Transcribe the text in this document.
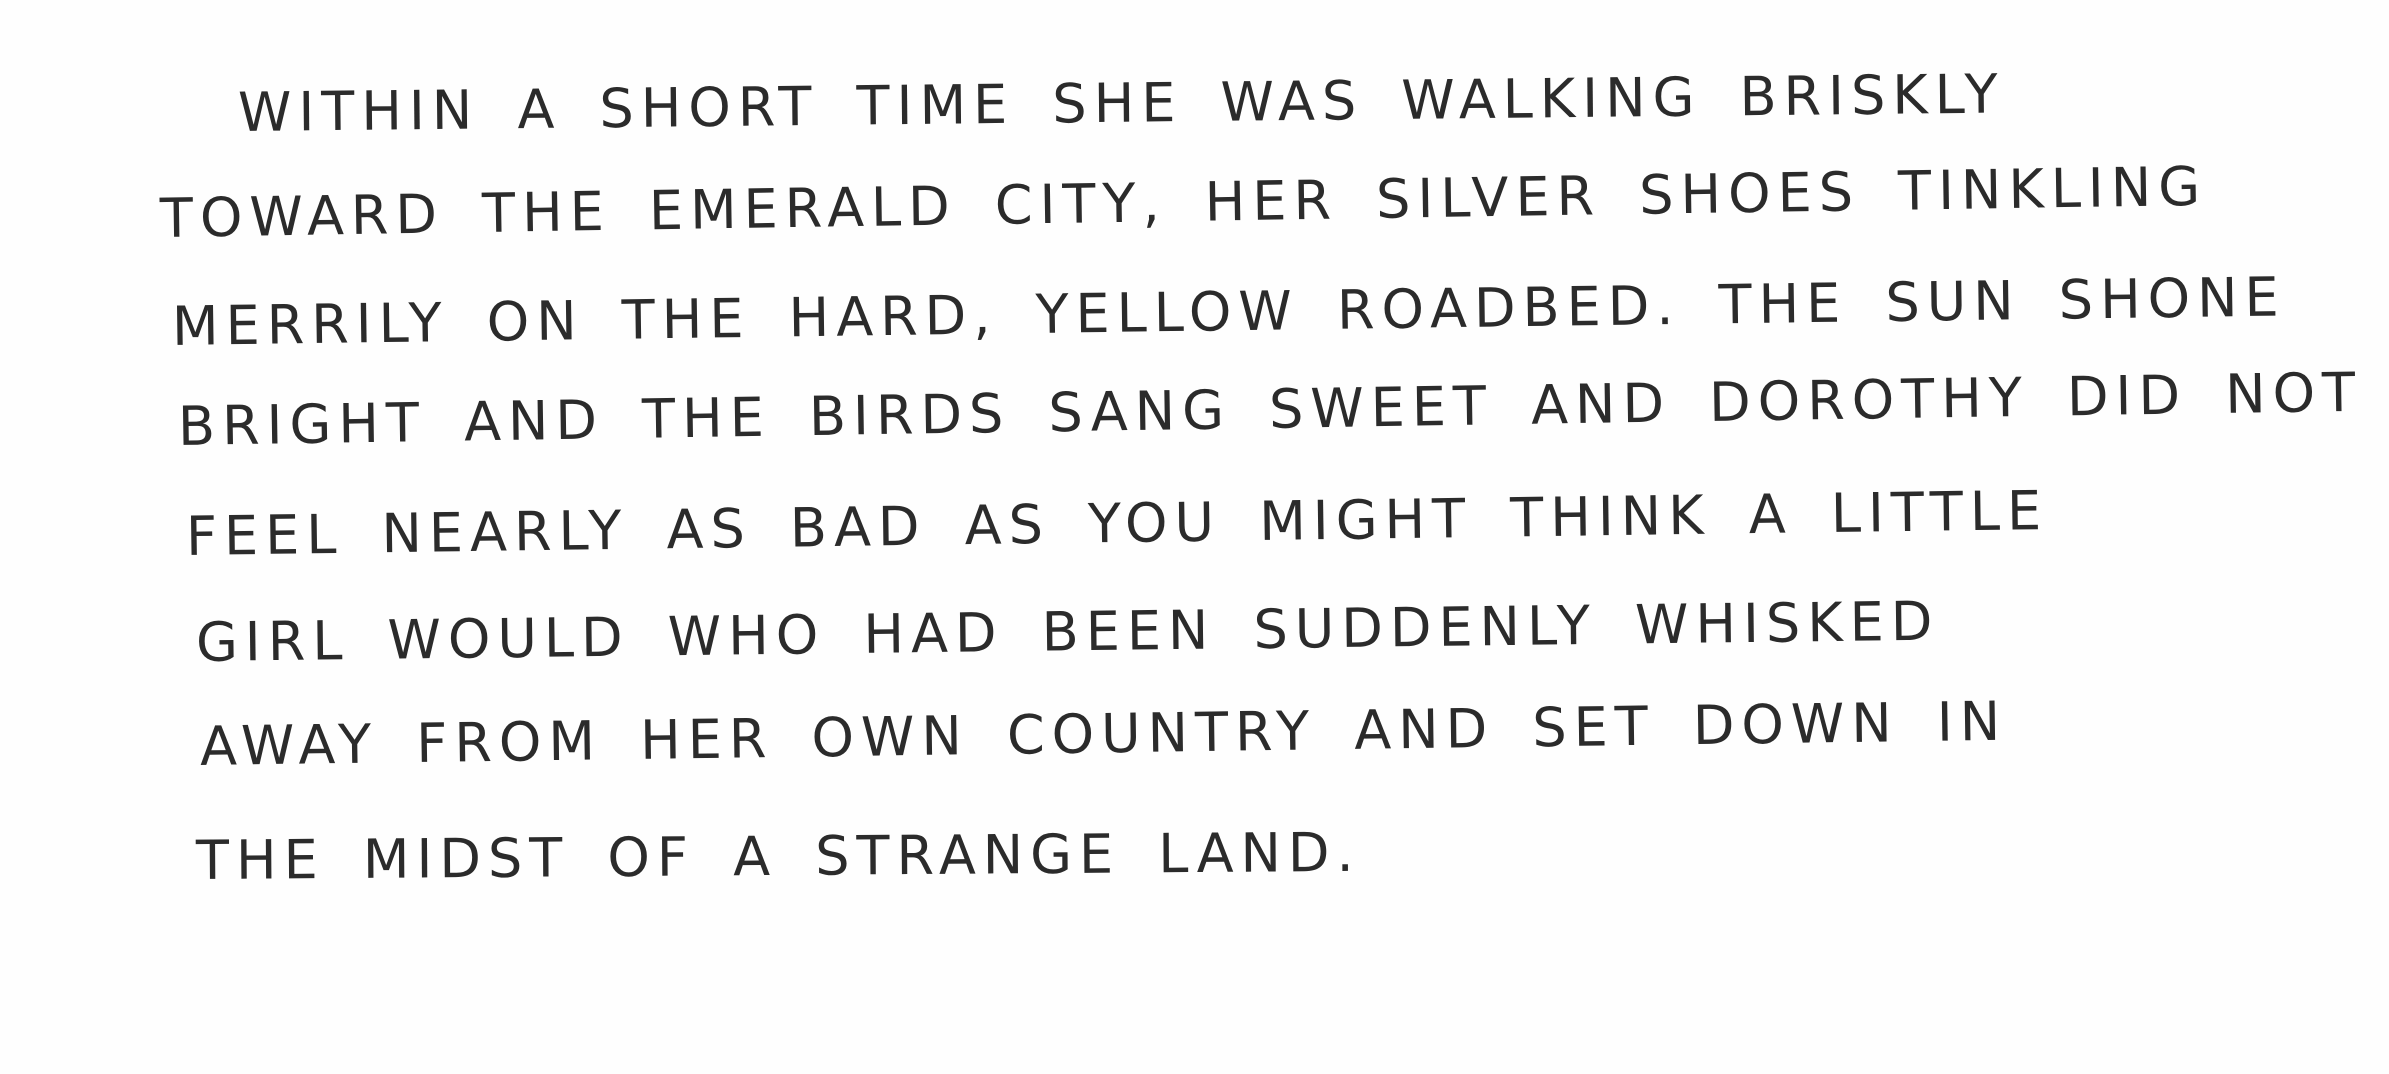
WITHIN A SHORT TIME SHE WAS WALKING BRISKLY
TOWARD THE EMERALD CITY, HER SILVER SHOES TINKLING
MERRILY ON THE HARD, YELLOW ROADBED. THE SUN SHONE
BRIGHT AND THE BIRDS SANG SWEET AND DOROTHY DID NOT
FEEL NEARLY AS BAD AS YOU MIGHT THINK A LITTLE
GIRL WOULD WHO HAD BEEN SUDDENLY WHISKED
AWAY FROM HER OWN COUNTRY AND SET DOWN IN
THE MIDST OF A STRANGE LAND.
